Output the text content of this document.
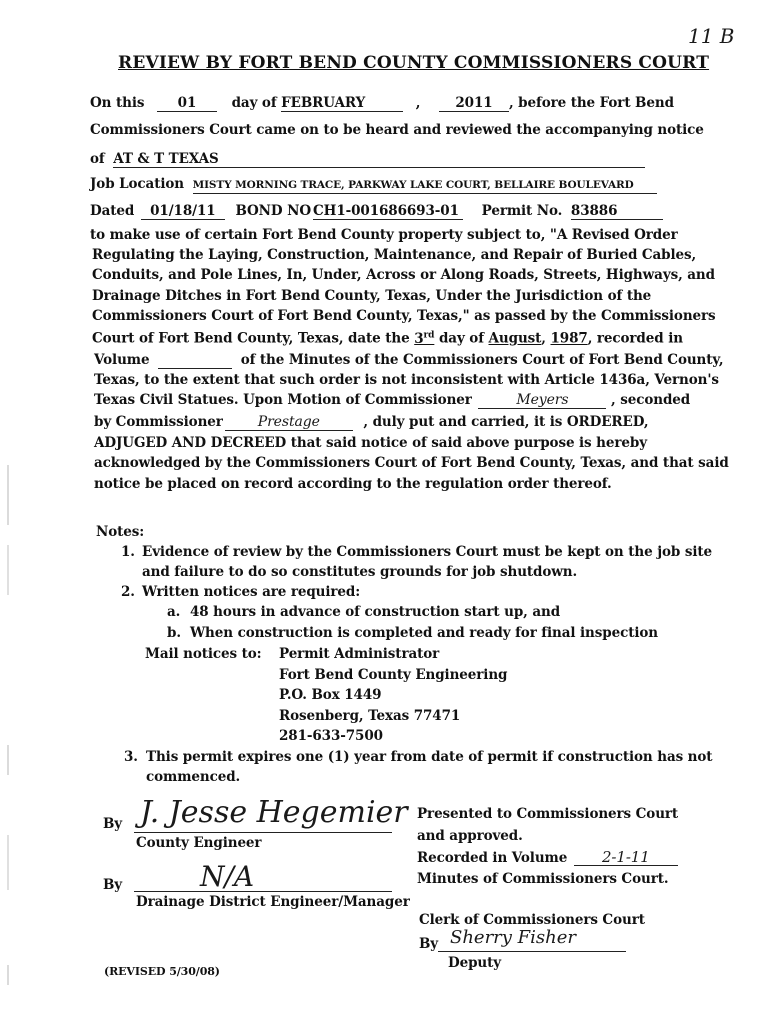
11 B
REVIEW BY FORT BEND COUNTY COMMISSIONERS COURT
On this 01	day of FEBRUARY	,	2011 , before the Fort Bend
Commissioners Court came on to be heard and reviewed the accompanying notice
of AT & T TEXAS
Job Location MISTY MORNING TRACE, PARKWAY LAKE COURT, BELLAIRE BOULEVARD
Dated 01/18/11 BOND NO CH1-001686693-01 Permit No. 83886
to make use of certain Fort Bend County property subject to, "A Revised Order
Regulating the Laying, Construction, Maintenance, and Repair of Buried Cables,
Conduits, and Pole Lines, In, Under, Across or Along Roads, Streets, Highways, and
Drainage Ditches in Fort Bend County, Texas, Under the Jurisdiction of the
Commissioners Court of Fort Bend County, Texas," as passed by the Commissioners
Court of Fort Bend County, Texas, date the 3rd day of August, 1987, recorded in
Volume	of the Minutes of the Commissioners Court of Fort Bend County,
Texas, to the extent that such order is not inconsistent with Article 1436a, Vernon's
Texas Civil Statues. Upon Motion of Commissioner	Meyers	, seconded
by Commissioner Prestage	, duly put and carried, it is ORDERED,
ADJUGED AND DECREED that said notice of said above purpose is hereby
acknowledged by the Commissioners Court of Fort Bend County, Texas, and that said
notice be placed on record according to the regulation order thereof.
Notes:
1. Evidence of review by the Commissioners Court must be kept on the job site
and failure to do so constitutes grounds for job shutdown.
2. Written notices are required:
a. 48 hours in advance of construction start up, and
b. When construction is completed and ready for final inspection
Mail notices to: Permit Administrator
Fort Bend County Engineering
P.O. Box 1449
Rosenberg, Texas 77471
281-633-7500
3. This permit expires one (1) year from date of permit if construction has not
commenced.
By J. Jesse Hegemier
County Engineer
By	N/A
Drainage District Engineer/Manager
Presented to Commissioners Court
and approved.
Recorded in Volume 2-1-11
Minutes of Commissioners Court.
Clerk of Commissioners Court
By Sherry Fisher
Deputy
(REVISED 5/30/08)
